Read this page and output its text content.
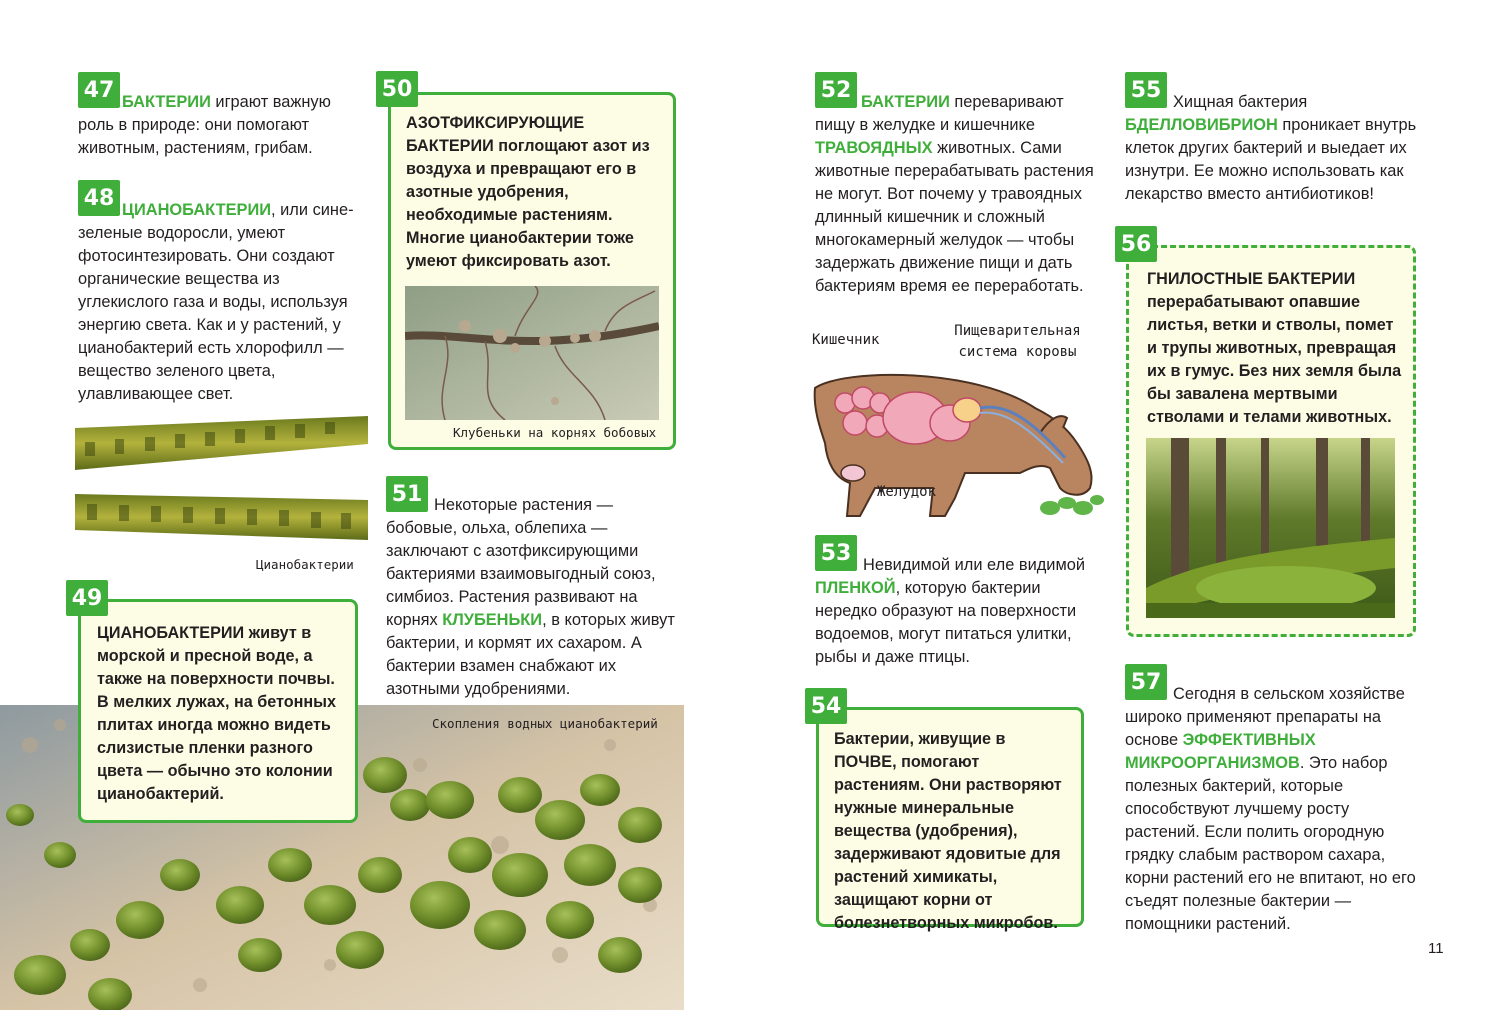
47 БАКТЕРИИ играют важную роль в природе: они помогают животным, растениям, грибам.
48 ЦИАНОБАКТЕРИИ, или сине-зеленые водоросли, умеют фотосинтезировать. Они создают органические вещества из углекислого газа и воды, используя энергию света. Как и у растений, у цианобактерий есть хлорофилл — вещество зеленого цвета, улавливающее свет.
Цианобактерии
49
ЦИАНОБАКТЕРИИ живут в морской и пресной воде, а также на поверхности почвы. В мелких лужах, на бетонных плитах иногда можно видеть слизистые пленки разного цвета — обычно это колонии цианобактерий.
50
АЗОТФИКСИРУЮЩИЕ БАКТЕРИИ поглощают азот из воздуха и превращают его в азотные удобрения, необходимые растениям. Многие цианобактерии тоже умеют фиксировать азот.
Клубеньки на корнях бобовых
51 Некоторые растения — бобовые, ольха, облепиха — заключают с азотфиксирующими бактериями взаимовыгодный союз, симбиоз. Растения развивают на корнях КЛУБЕНЬКИ, в которых живут бактерии, и кормят их сахаром. А бактерии взамен снабжают их азотными удобрениями.
Скопления водных цианобактерий
52 БАКТЕРИИ переваривают пищу в желудке и кишечнике ТРАВОЯДНЫХ животных. Сами животные перерабатывать растения не могут. Вот почему у травоядных длинный кишечник и сложный многокамерный желудок — чтобы задержать движение пищи и дать бактериям время ее переработать.
Пищеварительная система коровы
Кишечник
Желудок
53 Невидимой или еле видимой ПЛЕНКОЙ, которую бактерии нередко образуют на поверхности водоемов, могут питаться улитки, рыбы и даже птицы.
54
Бактерии, живущие в ПОЧВЕ, помогают растениям. Они растворяют нужные минеральные вещества (удобрения), задерживают ядовитые для растений химикаты, защищают корни от болезнетворных микробов.
55 Хищная бактерия БДЕЛЛОВИБРИОН проникает внутрь клеток других бактерий и выедает их изнутри. Ее можно использовать как лекарство вместо антибиотиков!
56
ГНИЛОСТНЫЕ БАКТЕРИИ перерабатывают опавшие листья, ветки и стволы, помет и трупы животных, превращая их в гумус. Без них земля была бы завалена мертвыми стволами и телами животных.
57 Сегодня в сельском хозяйстве широко применяют препараты на основе ЭФФЕКТИВНЫХ МИКРООРГАНИЗМОВ. Это набор полезных бактерий, которые способствуют лучшему росту растений. Если полить огородную грядку слабым раствором сахара, корни растений его не впитают, но его съедят полезные бактерии — помощники растений.
11
